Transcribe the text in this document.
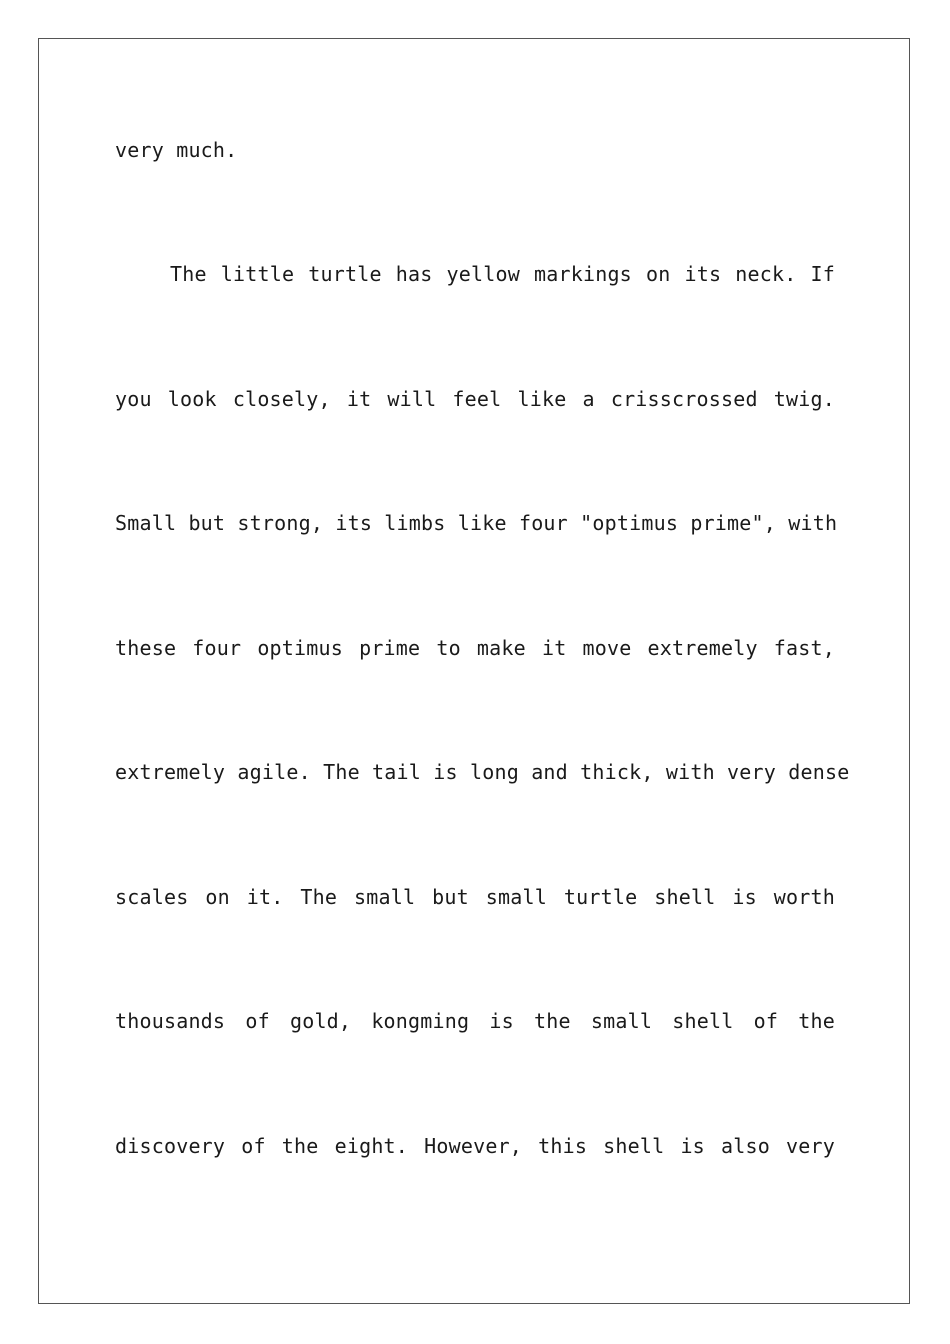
very much.
The little turtle has yellow markings on its neck. If
you look closely, it will feel like a crisscrossed twig.
Small but strong, its limbs like four "optimus prime", with
these four optimus prime to make it move extremely fast,
extremely agile. The tail is long and thick, with very dense
scales on it. The small but small turtle shell is worth
thousands of gold, kongming is the small shell of the
discovery of the eight. However, this shell is also very
